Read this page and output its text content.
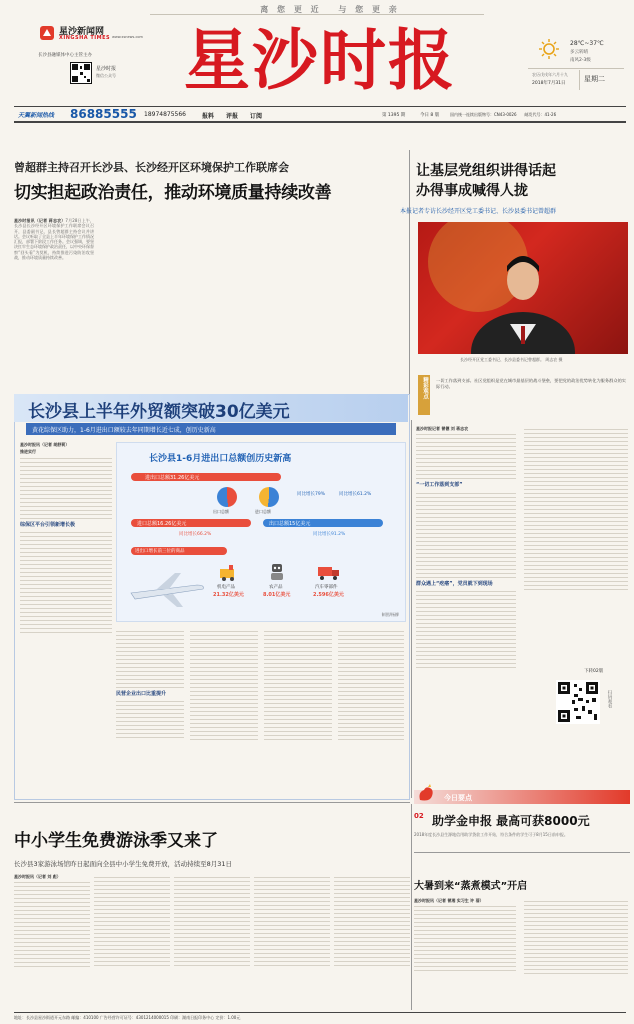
离 您 更 近　 与 您 更 亲
星沙新闻网
XINGSHA TIMES www.xsnews.com
长沙县融媒体中心主管主办
星沙时报
微信公众号 星沙时报	28℃~37℃
多云转晴
南风2-3级
农历戊戌年六月十九
2018年7月31日
星期二
天翼新闻热线 86885555 18974875566	报料 评报 订阅	第 1395 期	今日 8 版	国内统一连续出版物号：CN43-0026　　邮发代号：41-26
曾超群主持召开长沙县、长沙经开区环境保护工作联席会
切实担起政治责任，推动环境质量持续改善
星沙时报讯（记者 蒋志农）7月28日上午，长沙县长沙经开区环境保护工作联席会议召开，县委副书记、县长曾超群主持会议并讲话。会议听取了全县上半年环境保护工作情况汇报，部署下阶段工作任务。会议强调，要坚决扛牢生态环境保护政治责任，以中央环保督察“回头看”为契机，持续推进污染防治攻坚战，推动环境质量持续改善。
让基层党组织讲得话起
办得事成喊得人拢
本报记者专访长沙经开区党工委书记、长沙县委书记曾超群
长沙经开区党工委书记、长沙县委书记曾超群。 周志农 摄
精彩观点	一切工作落到支部。社区党组织是党在城市最基层的战斗堡垒，要把党的政治优势转化为服务群众的实际行动。
长沙县上半年外贸额突破30亿美元
黄花综保区助力，1-6月进出口额较去年同期增长近七成，创历史新高
星沙时报讯（记者 胡舒莉）
推进实行
综保区平台引领新增长极
长沙县1-6月进出口总额创历史新高
进出口总额31.26亿美元
出口总额	进口总额
同比增长79%	同比增长61.2%
进口总额16.26亿美元	出口总额15亿美元
同比增长66.2%	同比增长91.2%
进出口增长前三位的商品
机电产品
21.32亿美元
农产品
8.01亿美元
汽车零部件
2.596亿美元
制图/杨柳
民营企业出口比重提升
星沙时报记者 曾德 刘 蒋志农
“一切工作落到支部”
群众遇上“疙瘩”，党员就下到现场
下转02版
扫码观看
今日要点
02 助学金申报 最高可获8000元
2018年度长沙县生源地信用助学贷款工作开始，符合条件的学生可于8月15日前申报。
大暑到来“蒸煮模式”开启
星沙时报讯（记者 曾湘 实习生 许 蓓）
中小学生免费游泳季又来了
长沙县3家游泳场馆昨日起面向全县中小学生免费开放，活动持续至8月31日
星沙时报讯（记者 刘 彪）
地址：长沙县星沙街道开元东路 邮编：410100 广告经营许可证号：4301214000015 印刷：湖南日报印务中心 定价：1.00元
